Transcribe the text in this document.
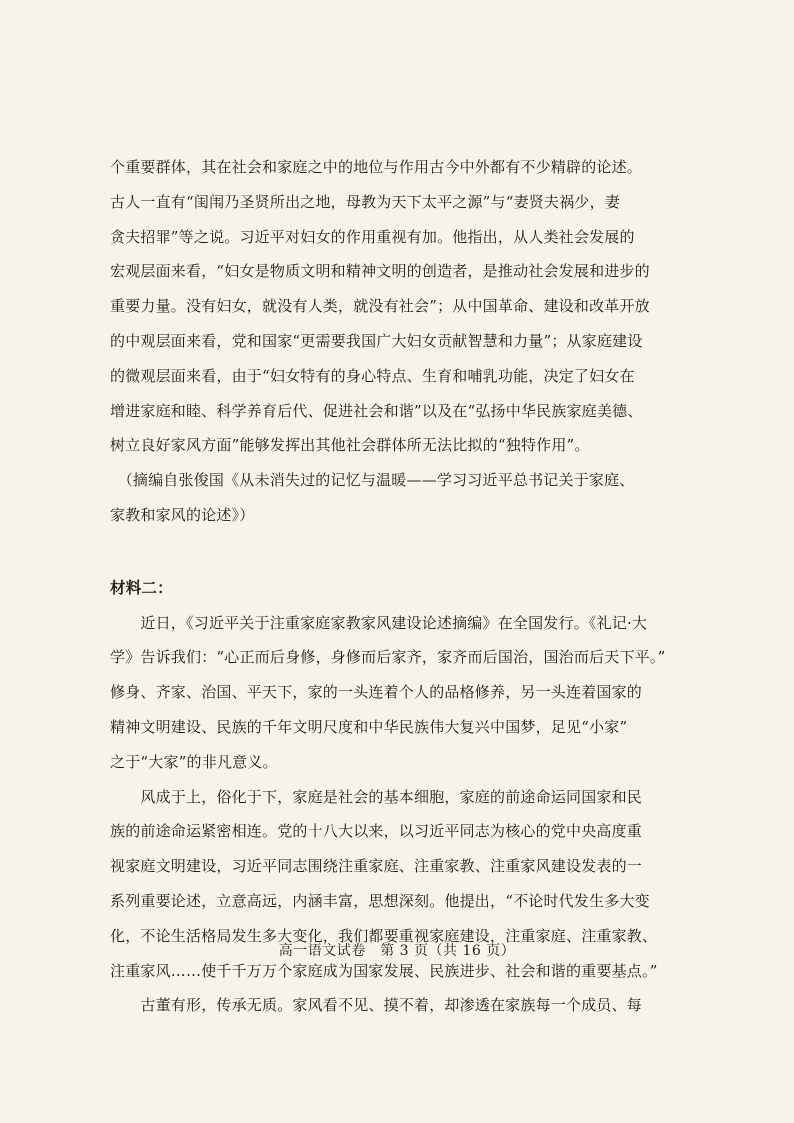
个重要群体，其在社会和家庭之中的地位与作用古今中外都有不少精辟的论述。
古人一直有“闺闱乃圣贤所出之地，母教为天下太平之源”与“妻贤夫祸少，妻
贪夫招罪”等之说。习近平对妇女的作用重视有加。他指出，从人类社会发展的
宏观层面来看，“妇女是物质文明和精神文明的创造者，是推动社会发展和进步的
重要力量。没有妇女，就没有人类，就没有社会”；从中国革命、建设和改革开放
的中观层面来看，党和国家“更需要我国广大妇女贡献智慧和力量”；从家庭建设
的微观层面来看，由于“妇女特有的身心特点、生育和哺乳功能，决定了妇女在
增进家庭和睦、科学养育后代、促进社会和谐”以及在“弘扬中华民族家庭美德、
树立良好家风方面”能够发挥出其他社会群体所无法比拟的“独特作用”。
　（摘编自张俊国《从未消失过的记忆与温暖——学习习近平总书记关于家庭、
家教和家风的论述》）
材料二：
　　近日，《习近平关于注重家庭家教家风建设论述摘编》在全国发行。《礼记·大
学》告诉我们：“心正而后身修，身修而后家齐，家齐而后国治，国治而后天下平。”
修身、齐家、治国、平天下，家的一头连着个人的品格修养，另一头连着国家的
精神文明建设、民族的千年文明尺度和中华民族伟大复兴中国梦，足见“小家”
之于“大家”的非凡意义。
　　风成于上，俗化于下，家庭是社会的基本细胞，家庭的前途命运同国家和民
族的前途命运紧密相连。党的十八大以来，以习近平同志为核心的党中央高度重
视家庭文明建设，习近平同志围绕注重家庭、注重家教、注重家风建设发表的一
系列重要论述，立意高远，内涵丰富，思想深刻。他提出，“不论时代发生多大变
化，不论生活格局发生多大变化，我们都要重视家庭建设，注重家庭、注重家教、
注重家风……使千千万万个家庭成为国家发展、民族进步、社会和谐的重要基点。”
　　古董有形，传承无质。家风看不见、摸不着，却渗透在家族每一个成员、每
高一语文试卷　第 3 页（共 16 页）
